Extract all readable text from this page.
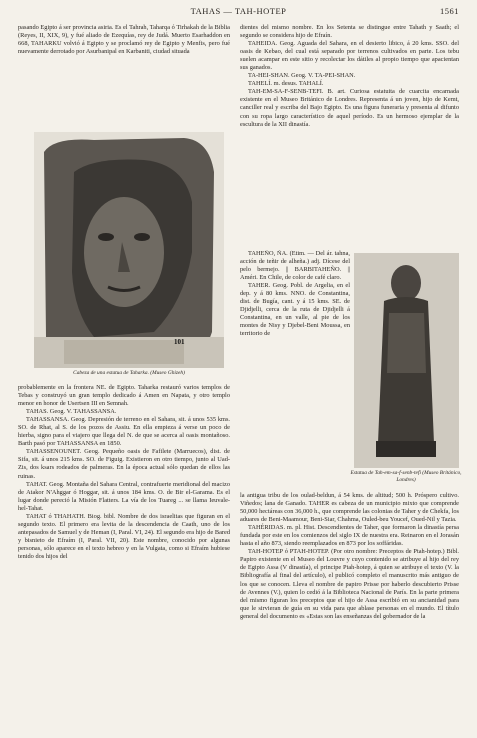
TAHAS — TAH-HOTEP	1561

pasando Egipto á ser provincia asiria. Es el Tahrah, Taharqa ó Tirhakah de la Biblia (Reyes, II, XIX, 9), y fué aliado de Ezequías, rey de Judá. Muerto Esarhaddon en 668, TAHARKU volvió á Egipto y se proclamó rey de Egipto y Menfis, pero fué nuevamente derrotado por Asurbanipal en Karbaniti, ciudad situada

101
Cabeza de una estatua de Taharka. (Museo Ghizeh)

probablemente en la frontera NE. de Egipto. Taharka restauró varios templos de Tebas y construyó un gran templo dedicado á Amen en Napata, y otro templo menor en honor de Usertsen III en Semnah.

TAHAS. Geog. V. TAHASSANSA.

TAHASSANSA. Geog. Depresión de terreno en el Sahara, sit. á unos 535 kms. SO. de Rhat, al S. de los pozos de Assiu. En ella empieza á verse un poco de hierba, signo para el viajero que llega del N. de que se acerca al oasis montañoso. Barth pasó por TAHASSANSA en 1850.

TAHASSENOUNET. Geog. Pequeño oasis de Fafilete (Marruecos), dist. de Sifa, sit. á unos 215 kms. SO. de Figuig. Existieron en otro tiempo, junto al Uad-Zis, dos ksars rodeados de palmeras. En la época actual sólo quedan de ellos las ruinas.

TAHAT. Geog. Montaña del Sahara Central, contrafuerte meridional del macizo de Atakor N'Ahggar ó Hoggar, sit. á unos 184 kms. O. de Bir el-Garama. Es el lugar donde pereció la Misión Flatters. La vía de los Tuareg ... se llama Ieuvale-hel-Tahat.

TAHAT ó THAHATH. Biog. bibl. Nombre de dos israelitas que figuran en el segundo texto. El primero era levita de la descendencia de Caath, uno de los antepasados de Samuel y de Heman (I, Paral. VI, 24). El segundo era hijo de Bared y bisnieto de Efraím (I, Paral. VII, 20). Este nombre, conocido por algunas personas, sólo aparece en el texto hebreo y en la Vulgata, como si Efraím hubiese tenido dos hijos del

dientes del mismo nombre. En los Setenta se distingue entre Tahath y Saath; el segundo se considera hijo de Efraín.

TAHEIDA. Geog. Aguada del Sahara, en el desierto libico, á 20 kms. SSO. del oasis de Kebao, del cual está separado por terrenos cultivados en parte. Los tebu suelen acampar en este sitio y recolectar los dátiles al propio tiempo que apacientan sus ganados.

TA-HEI-SHAN. Geog. V. TA-PEI-SHAN.

TAHELÍ. m. desus. TAHALÍ.

TAH-EM-SA-F-SENB-TEFI. B. art. Curiosa estatuita de cuarcita encarnada existente en el Museo Británico de Londres. Representa á un joven, hijo de Kemt, canciller real y escriba del Bajo Egipto. Es una figura funeraria y presenta al difunto con su ropa largo característico de aquel período. Es un hermoso ejemplar de la escultura de la XII dinastía.

TAHEÑO, ÑA. (Etim. — Del ár. tahna, acción de teñir de alheña.) adj. Dícese del pelo bermejo. || BARBITAHEÑO. || Améri. En Chile, de color de café claro.

TAHER. Geog. Pobl. de Argelia, en el dep. y á 80 kms. NNO. de Constantina, dist. de Bugía, cant. y á 15 kms. SE. de Djidjelli, cerca de la ruta de Djidjelli á Constantina, en un valle, al pie de los montes de Nisy y Djebel-Beni Moussa, en territorio de

Estatua de Tah-em-sa-f-senb-tefi (Museo Británico, Londres)

la antigua tribu de los oulad-beldun, á 54 kms. de altitud; 500 h. Próspero cultivo. Viñedos; lana de Ganado. TAHER es cabeza de un municipio mixto que comprende 50,000 hectáreas con 36,000 h., que comprende las colonias de Taher y de Chekfa, los aduares de Beni-Maamour, Beni-Siar, Chahma, Ouled-beu Youcef, Oued-Nil y Tazia.

TAHÉRIDAS. m. pl. Hist. Descendientes de Taher, que formaron la dinastía persa fundada por este en los comienzos del siglo IX de nuestra era. Reinaron en el Jorasán hasta el año 873, siendo reemplazados en 873 por los soffáridas.

TAH-HOTEP ó PTAH-HOTEP. (Por otro nombre: Preceptos de Ptah-hotep.) Bibl. Papiro existente en el Museo del Louvre y cuyo contenido se atribuye al hijo del rey de Egipto Assa (V dinastía), el principe Ptah-hotep, á quien se atribuye el texto (V. la Bibliografía al final del artículo), el publicó completo el manuscrito más antiguo de los que se conocen. Lleva el nombre de papiro Prisse por haberlo descubierto Prisse de Avennes (V.), quien lo cedió á la Biblioteca Nacional de París. En la parte primera del mismo figuran los preceptos que el hijo de Assa escribió en su ancianidad para que le sirvieran de guía en su vida para que ablase personas en el mundo. El título general del documento es «Estas son las enseñanzas del gobernador de la
